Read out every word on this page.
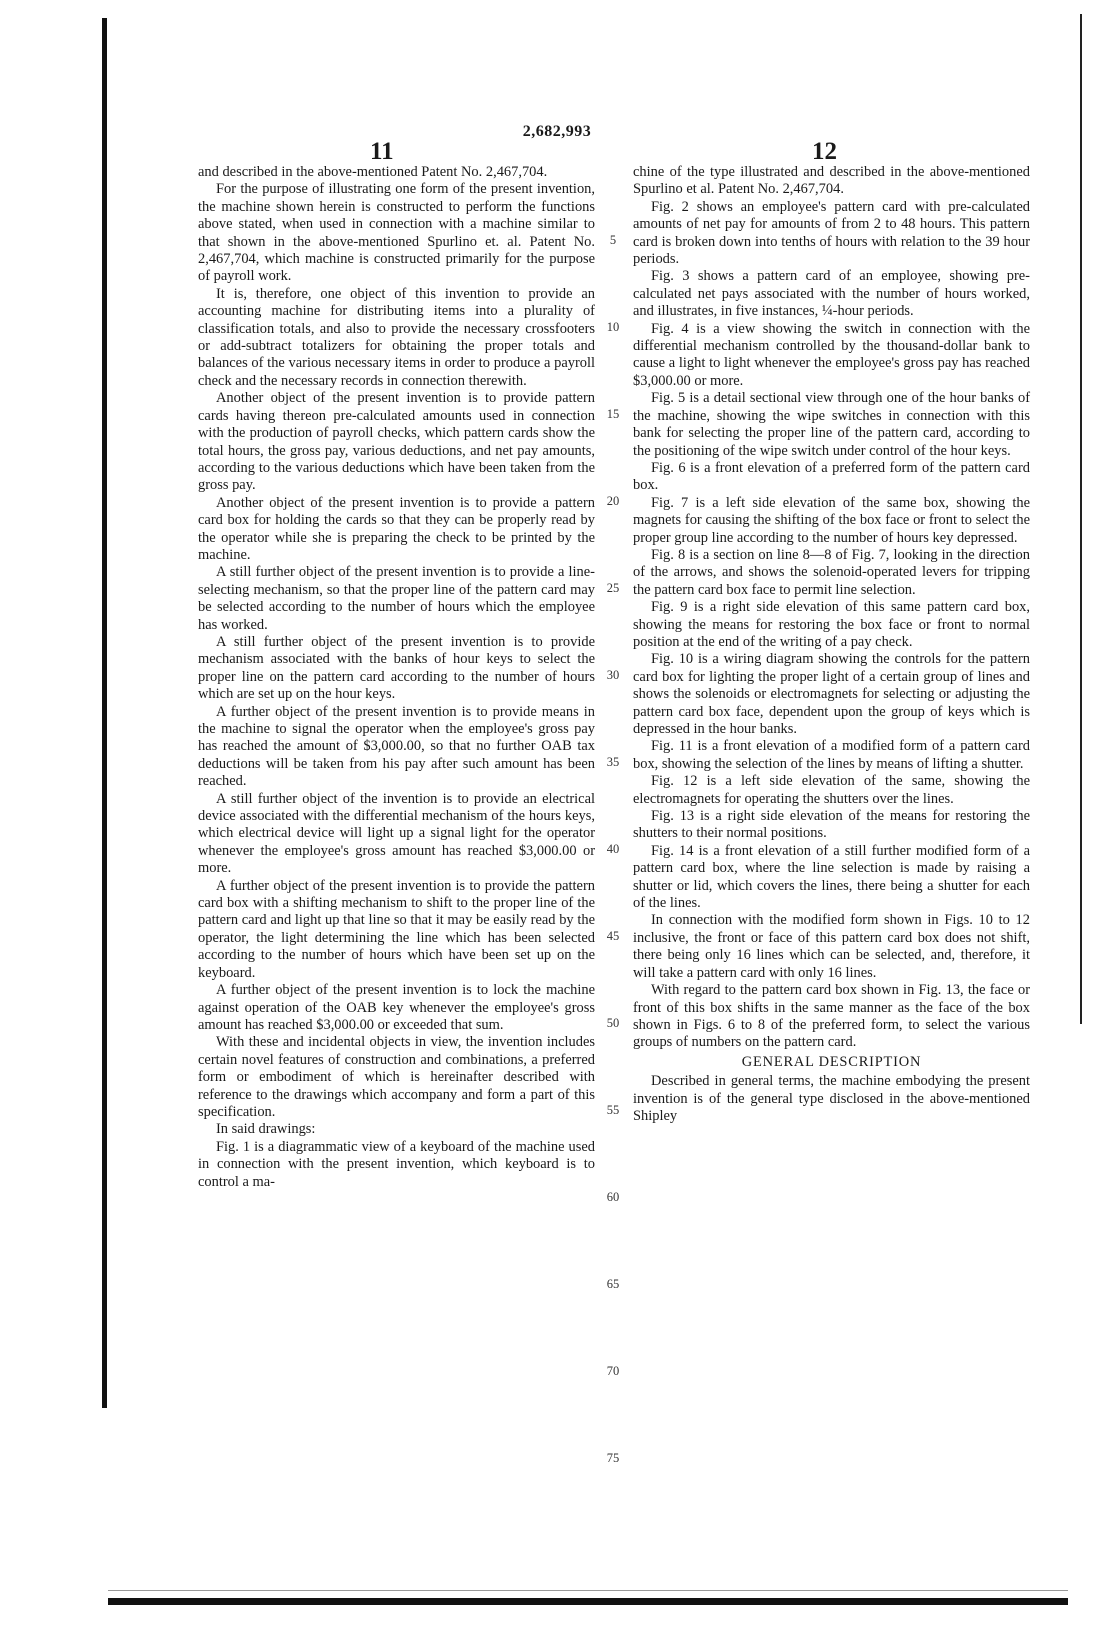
2,682,993
11	12

and described in the above-mentioned Patent No. 2,467,704.

For the purpose of illustrating one form of the present invention, the machine shown herein is constructed to perform the functions above stated, when used in connection with a machine similar to that shown in the above-mentioned Spurlino et. al. Patent No. 2,467,704, which machine is constructed primarily for the purpose of payroll work.

It is, therefore, one object of this invention to provide an accounting machine for distributing items into a plurality of classification totals, and also to provide the necessary crossfooters or add-subtract totalizers for obtaining the proper totals and balances of the various necessary items in order to produce a payroll check and the necessary records in connection therewith.

Another object of the present invention is to provide pattern cards having thereon pre-calculated amounts used in connection with the production of payroll checks, which pattern cards show the total hours, the gross pay, various deductions, and net pay amounts, according to the various deductions which have been taken from the gross pay.

Another object of the present invention is to provide a pattern card box for holding the cards so that they can be properly read by the operator while she is preparing the check to be printed by the machine.

A still further object of the present invention is to provide a line-selecting mechanism, so that the proper line of the pattern card may be selected according to the number of hours which the employee has worked.

A still further object of the present invention is to provide mechanism associated with the banks of hour keys to select the proper line on the pattern card according to the number of hours which are set up on the hour keys.

A further object of the present invention is to provide means in the machine to signal the operator when the employee's gross pay has reached the amount of $3,000.00, so that no further OAB tax deductions will be taken from his pay after such amount has been reached.

A still further object of the invention is to provide an electrical device associated with the differential mechanism of the hours keys, which electrical device will light up a signal light for the operator whenever the employee's gross amount has reached $3,000.00 or more.

A further object of the present invention is to provide the pattern card box with a shifting mechanism to shift to the proper line of the pattern card and light up that line so that it may be easily read by the operator, the light determining the line which has been selected according to the number of hours which have been set up on the keyboard.

A further object of the present invention is to lock the machine against operation of the OAB key whenever the employee's gross amount has reached $3,000.00 or exceeded that sum.

With these and incidental objects in view, the invention includes certain novel features of construction and combinations, a preferred form or embodiment of which is hereinafter described with reference to the drawings which accompany and form a part of this specification.

In said drawings:

Fig. 1 is a diagrammatic view of a keyboard of the machine used in connection with the present invention, which keyboard is to control a ma-

5
10
15
20
25
30
35
40
45
50
55
60
65
70
75

chine of the type illustrated and described in the above-mentioned Spurlino et al. Patent No. 2,467,704.

Fig. 2 shows an employee's pattern card with pre-calculated amounts of net pay for amounts of from 2 to 48 hours. This pattern card is broken down into tenths of hours with relation to the 39 hour periods.

Fig. 3 shows a pattern card of an employee, showing pre-calculated net pays associated with the number of hours worked, and illustrates, in five instances, ¼-hour periods.

Fig. 4 is a view showing the switch in connection with the differential mechanism controlled by the thousand-dollar bank to cause a light to light whenever the employee's gross pay has reached $3,000.00 or more.

Fig. 5 is a detail sectional view through one of the hour banks of the machine, showing the wipe switches in connection with this bank for selecting the proper line of the pattern card, according to the positioning of the wipe switch under control of the hour keys.

Fig. 6 is a front elevation of a preferred form of the pattern card box.

Fig. 7 is a left side elevation of the same box, showing the magnets for causing the shifting of the box face or front to select the proper group line according to the number of hours key depressed.

Fig. 8 is a section on line 8—8 of Fig. 7, looking in the direction of the arrows, and shows the solenoid-operated levers for tripping the pattern card box face to permit line selection.

Fig. 9 is a right side elevation of this same pattern card box, showing the means for restoring the box face or front to normal position at the end of the writing of a pay check.

Fig. 10 is a wiring diagram showing the controls for the pattern card box for lighting the proper light of a certain group of lines and shows the solenoids or electromagnets for selecting or adjusting the pattern card box face, dependent upon the group of keys which is depressed in the hour banks.

Fig. 11 is a front elevation of a modified form of a pattern card box, showing the selection of the lines by means of lifting a shutter.

Fig. 12 is a left side elevation of the same, showing the electromagnets for operating the shutters over the lines.

Fig. 13 is a right side elevation of the means for restoring the shutters to their normal positions.

Fig. 14 is a front elevation of a still further modified form of a pattern card box, where the line selection is made by raising a shutter or lid, which covers the lines, there being a shutter for each of the lines.

In connection with the modified form shown in Figs. 10 to 12 inclusive, the front or face of this pattern card box does not shift, there being only 16 lines which can be selected, and, therefore, it will take a pattern card with only 16 lines.

With regard to the pattern card box shown in Fig. 13, the face or front of this box shifts in the same manner as the face of the box shown in Figs. 6 to 8 of the preferred form, to select the various groups of numbers on the pattern card.

GENERAL DESCRIPTION

Described in general terms, the machine embodying the present invention is of the general type disclosed in the above-mentioned Shipley
